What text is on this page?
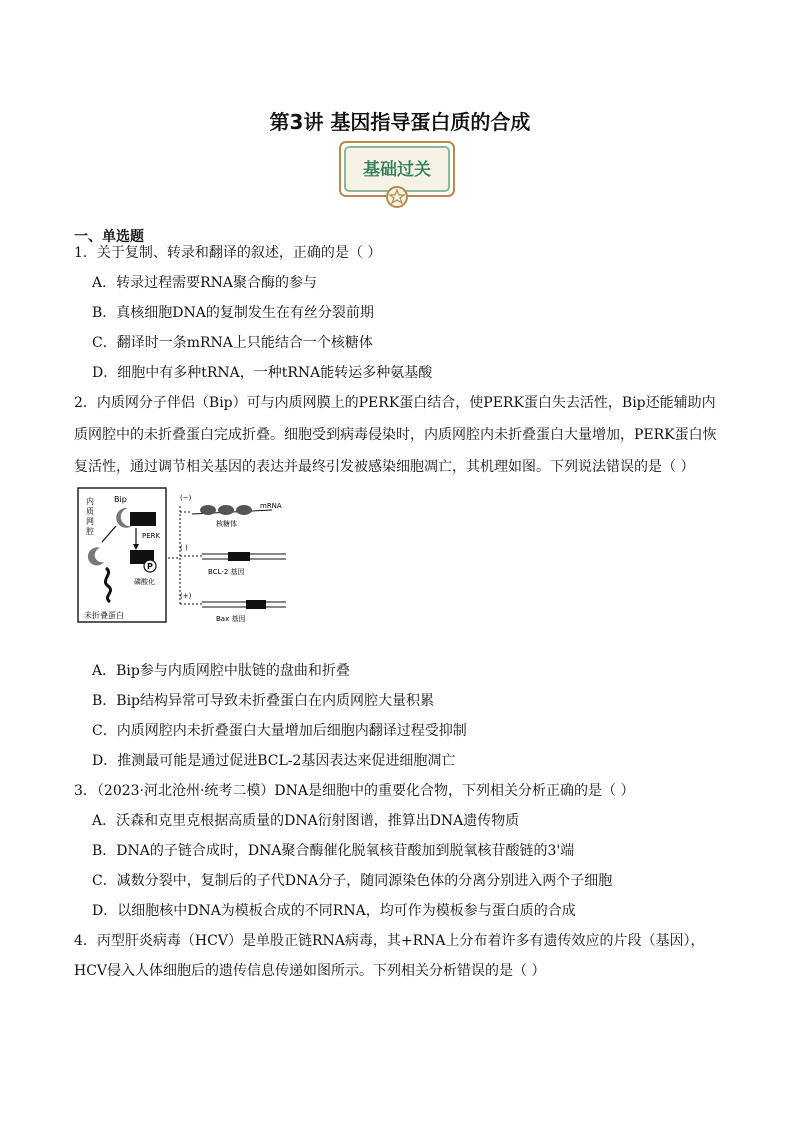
第3讲 基因指导蛋白质的合成
基础过关
一、单选题
1．关于复制、转录和翻译的叙述，正确的是（ ）
A．转录过程需要RNA聚合酶的参与
B．真核细胞DNA的复制发生在有丝分裂前期
C．翻译时一条mRNA上只能结合一个核糖体
D．细胞中有多种tRNA，一种tRNA能转运多种氨基酸
2．内质网分子伴侣（Bip）可与内质网膜上的PERK蛋白结合，使PERK蛋白失去活性，Bip还能辅助内
质网腔中的未折叠蛋白完成折叠。细胞受到病毒侵染时，内质网腔内未折叠蛋白大量增加，PERK蛋白恢
复活性，通过调节相关基因的表达并最终引发被感染细胞凋亡，其机理如图。下列说法错误的是（ ）
内
质
网
腔
Bip
PERK
P
磷酸化
未折叠蛋白
(−)
( )
(+)
mRNA
核糖体
BCL-2 基因
Bax 基因
A．Bip参与内质网腔中肽链的盘曲和折叠
B．Bip结构异常可导致未折叠蛋白在内质网腔大量积累
C．内质网腔内未折叠蛋白大量增加后细胞内翻译过程受抑制
D．推测最可能是通过促进BCL-2基因表达来促进细胞凋亡
3．（2023·河北沧州·统考二模）DNA是细胞中的重要化合物，下列相关分析正确的是（ ）
A．沃森和克里克根据高质量的DNA衍射图谱，推算出DNA遗传物质
B．DNA的子链合成时，DNA聚合酶催化脱氧核苷酸加到脱氧核苷酸链的3'端
C．减数分裂中，复制后的子代DNA分子，随同源染色体的分离分别进入两个子细胞
D．以细胞核中DNA为模板合成的不同RNA，均可作为模板参与蛋白质的合成
4．丙型肝炎病毒（HCV）是单股正链RNA病毒，其+RNA上分布着许多有遗传效应的片段（基因），
HCV侵入人体细胞后的遗传信息传递如图所示。下列相关分析错误的是（ ）
